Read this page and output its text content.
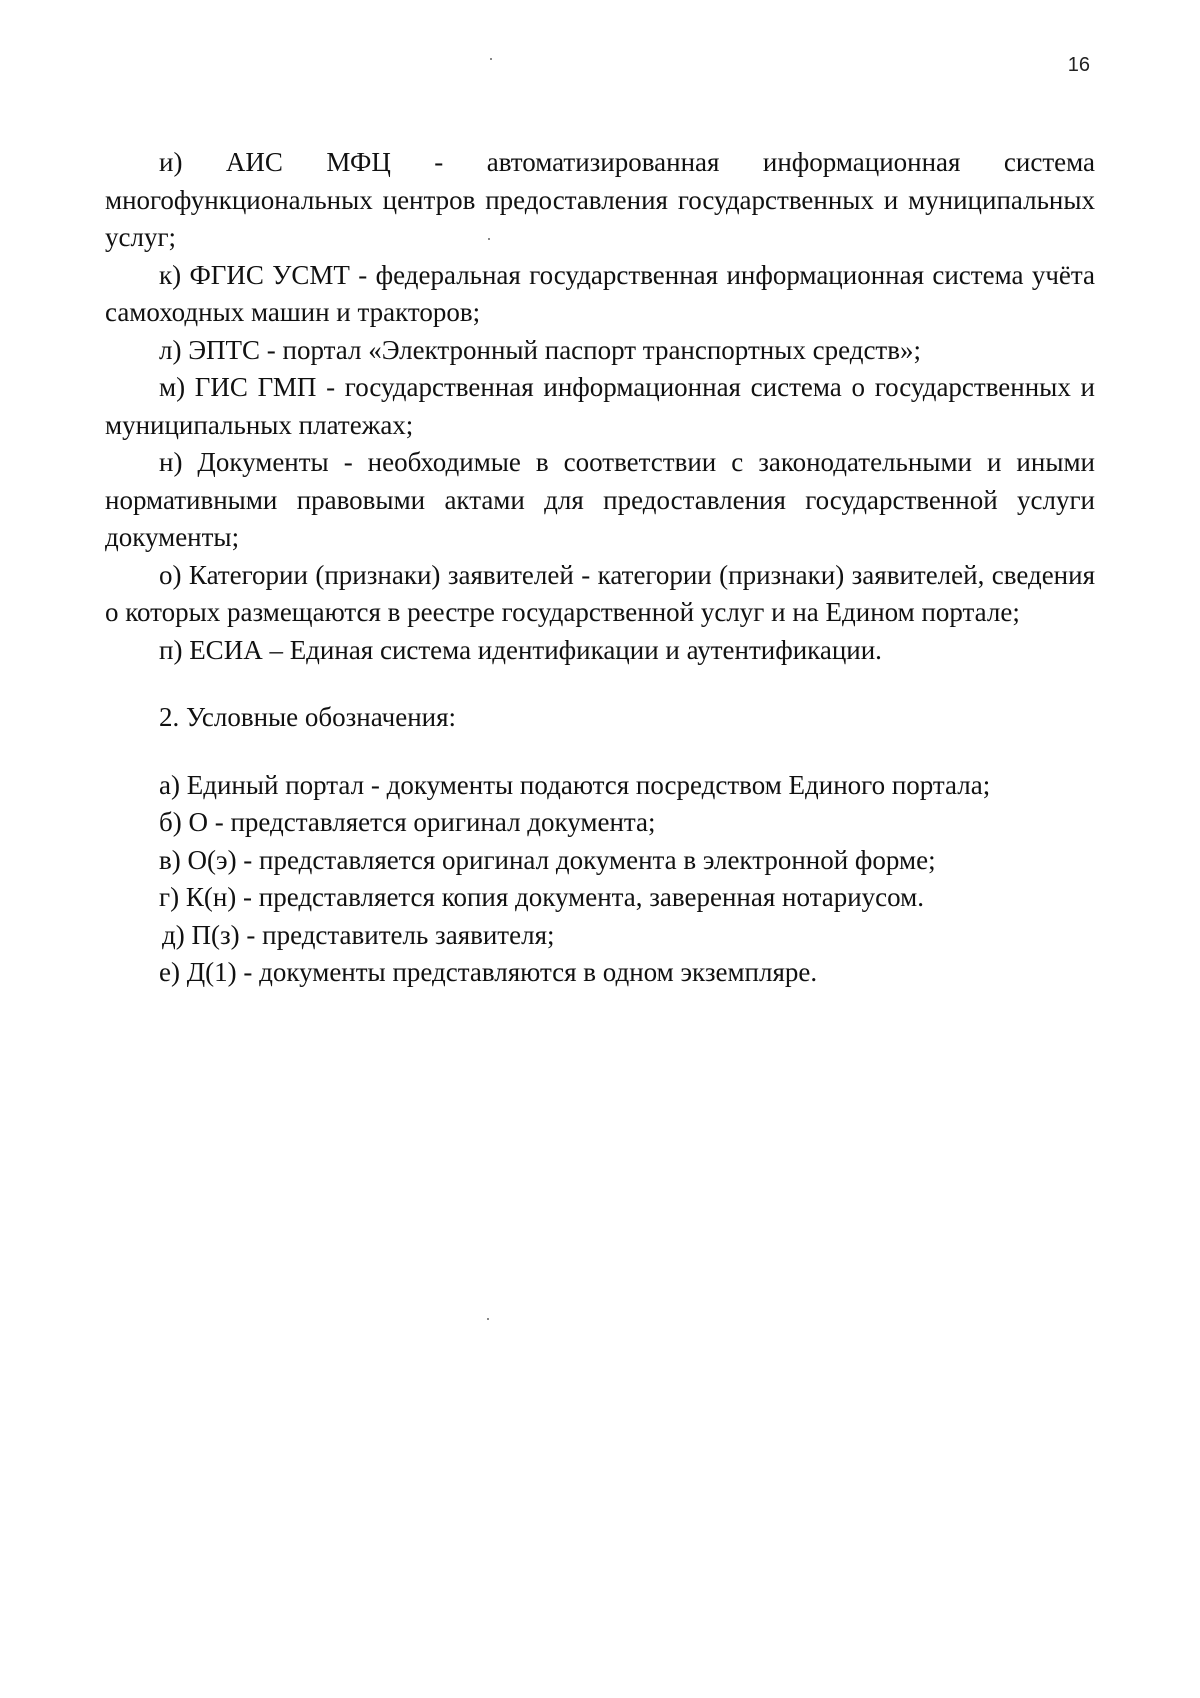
16

и) АИС МФЦ - автоматизированная информационная система многофункциональных центров предоставления государственных и муниципальных услуг;

к) ФГИС УСМТ - федеральная государственная информационная система учёта самоходных машин и тракторов;

л) ЭПТС - портал «Электронный паспорт транспортных средств»;

м) ГИС ГМП - государственная информационная система о государственных и муниципальных платежах;

н) Документы - необходимые в соответствии с законодательными и иными нормативными правовыми актами для предоставления государственной услуги документы;

о) Категории (признаки) заявителей - категории (признаки) заявителей, сведения о которых размещаются в реестре государственной услуг и на Едином портале;

п) ЕСИА – Единая система идентификации и аутентификации.

2. Условные обозначения:

а) Единый портал - документы подаются посредством Единого портала;
б) О - представляется оригинал документа;
в) О(э) - представляется оригинал документа в электронной форме;
г) К(н) - представляется копия документа, заверенная нотариусом.
д) П(з) - представитель заявителя;
е) Д(1) - документы представляются в одном экземпляре.
